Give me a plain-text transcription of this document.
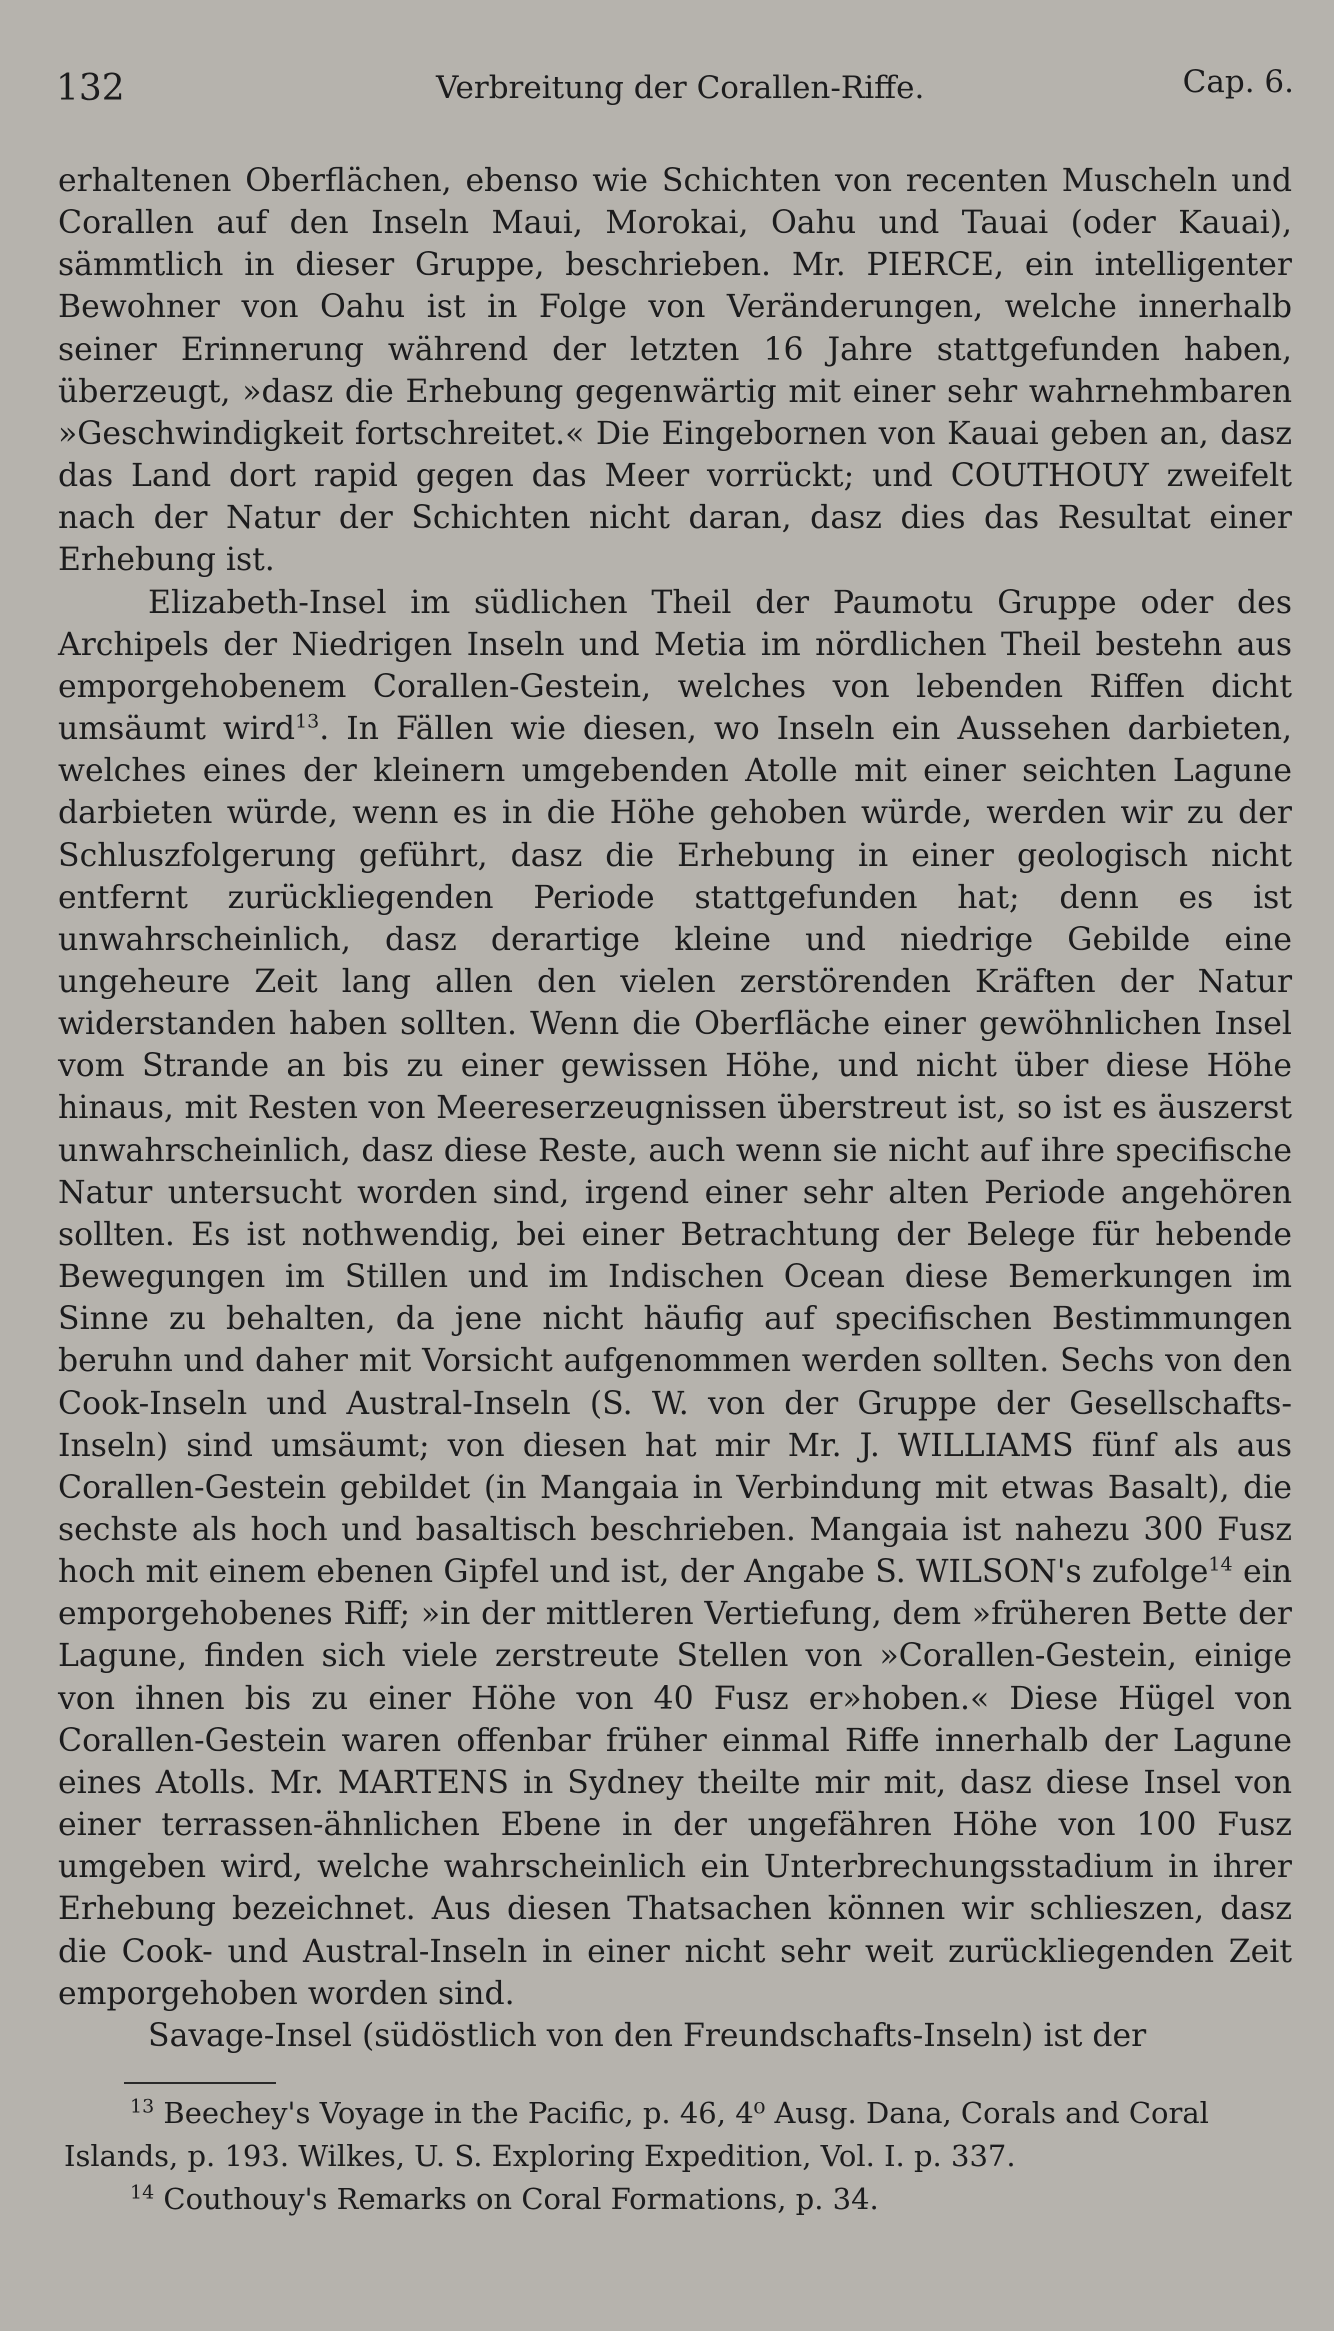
132	Verbreitung der Corallen-Riffe.	Cap. 6.

erhaltenen Oberflächen, ebenso wie Schichten von recenten Muscheln und Corallen auf den Inseln Maui, Morokai, Oahu und Tauai (oder Kauai), sämmtlich in dieser Gruppe, beschrieben. Mr. PIERCE, ein intelligenter Bewohner von Oahu ist in Folge von Veränderungen, welche innerhalb seiner Erinnerung während der letzten 16 Jahre stattgefunden haben, überzeugt, »dasz die Erhebung gegenwärtig mit einer sehr wahrnehmbaren »Geschwindigkeit fortschreitet.« Die Eingebornen von Kauai geben an, dasz das Land dort rapid gegen das Meer vorrückt; und COUTHOUY zweifelt nach der Natur der Schichten nicht daran, dasz dies das Resultat einer Erhebung ist.

Elizabeth-Insel im südlichen Theil der Paumotu Gruppe oder des Archipels der Niedrigen Inseln und Metia im nördlichen Theil bestehn aus emporgehobenem Corallen-Gestein, welches von lebenden Riffen dicht umsäumt wird$^{13}$. In Fällen wie diesen, wo Inseln ein Aussehen darbieten, welches eines der kleinern umgebenden Atolle mit einer seichten Lagune darbieten würde, wenn es in die Höhe gehoben würde, werden wir zu der Schluszfolgerung geführt, dasz die Erhebung in einer geologisch nicht entfernt zurückliegenden Periode stattgefunden hat; denn es ist unwahrscheinlich, dasz derartige kleine und niedrige Gebilde eine ungeheure Zeit lang allen den vielen zerstörenden Kräften der Natur widerstanden haben sollten. Wenn die Oberfläche einer gewöhnlichen Insel vom Strande an bis zu einer gewissen Höhe, und nicht über diese Höhe hinaus, mit Resten von Meereserzeugnissen überstreut ist, so ist es äuszerst unwahrscheinlich, dasz diese Reste, auch wenn sie nicht auf ihre specifische Natur untersucht worden sind, irgend einer sehr alten Periode angehören sollten. Es ist nothwendig, bei einer Betrachtung der Belege für hebende Bewegungen im Stillen und im Indischen Ocean diese Bemerkungen im Sinne zu behalten, da jene nicht häufig auf specifischen Bestimmungen beruhn und daher mit Vorsicht aufgenommen werden sollten. Sechs von den Cook-Inseln und Austral-Inseln (S. W. von der Gruppe der Gesellschafts-Inseln) sind umsäumt; von diesen hat mir Mr. J. WILLIAMS fünf als aus Corallen-Gestein gebildet (in Mangaia in Verbindung mit etwas Basalt), die sechste als hoch und basaltisch beschrieben. Mangaia ist nahezu 300 Fusz hoch mit einem ebenen Gipfel und ist, der Angabe S. WILSON's zufolge$^{14}$ ein emporgehobenes Riff; »in der mittleren Vertiefung, dem »früheren Bette der Lagune, finden sich viele zerstreute Stellen von »Corallen-Gestein, einige von ihnen bis zu einer Höhe von 40 Fusz er»hoben.« Diese Hügel von Corallen-Gestein waren offenbar früher einmal Riffe innerhalb der Lagune eines Atolls. Mr. MARTENS in Sydney theilte mir mit, dasz diese Insel von einer terrassen-ähnlichen Ebene in der ungefähren Höhe von 100 Fusz umgeben wird, welche wahrscheinlich ein Unterbrechungsstadium in ihrer Erhebung bezeichnet. Aus diesen Thatsachen können wir schlieszen, dasz die Cook- und Austral-Inseln in einer nicht sehr weit zurückliegenden Zeit emporgehoben worden sind.

Savage-Insel (südöstlich von den Freundschafts-Inseln) ist der

$^{13}$ Beechey's Voyage in the Pacific, p. 46, 4⁰ Ausg. Dana, Corals and Coral Islands, p. 193. Wilkes, U. S. Exploring Expedition, Vol. I. p. 337.

$^{14}$ Couthouy's Remarks on Coral Formations, p. 34.
